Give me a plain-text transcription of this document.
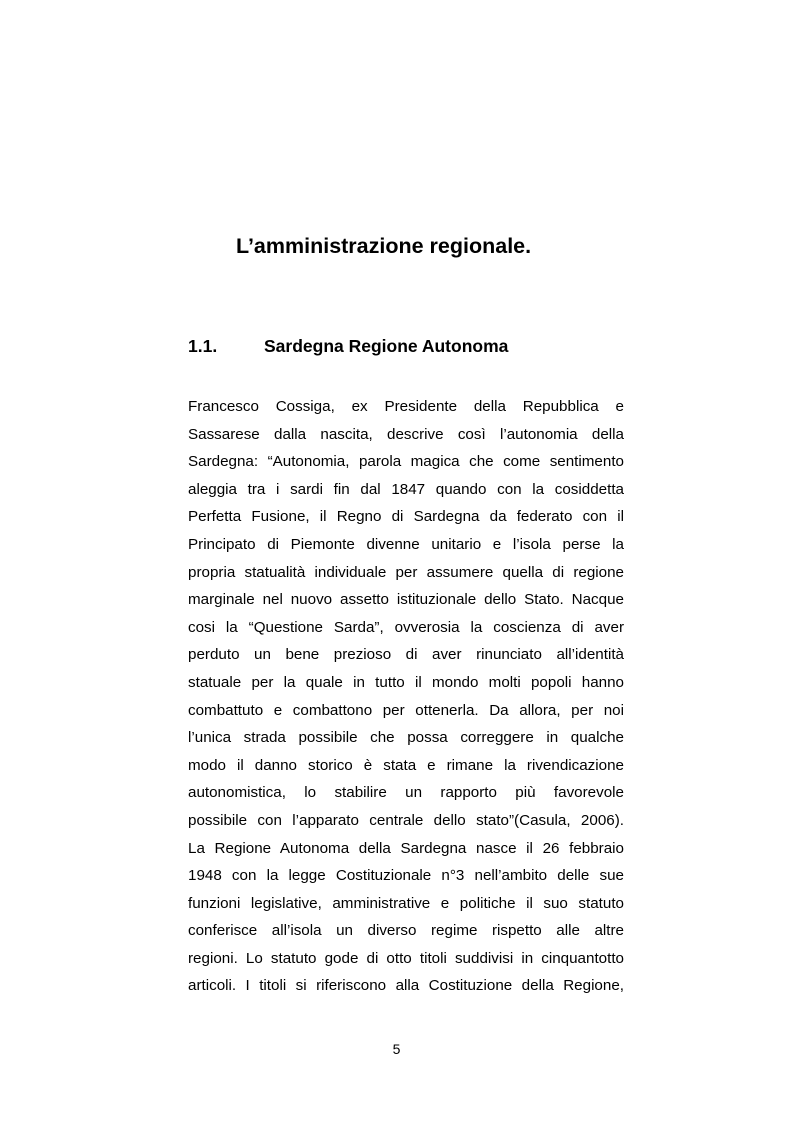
L’amministrazione regionale.
1.1.	Sardegna Regione Autonoma
Francesco Cossiga, ex Presidente della Repubblica e
Sassarese dalla nascita, descrive così l’autonomia della
Sardegna: “Autonomia, parola magica che come sentimento
aleggia tra i sardi fin dal 1847 quando con la cosiddetta
Perfetta Fusione, il Regno di Sardegna da federato con il
Principato di Piemonte divenne unitario e l’isola perse la
propria statualità individuale per assumere quella di regione
marginale nel nuovo assetto istituzionale dello Stato. Nacque
cosi la “Questione Sarda”, ovverosia la coscienza di aver
perduto un bene prezioso di aver rinunciato all’identità
statuale per la quale in tutto il mondo molti popoli hanno
combattuto e combattono per ottenerla. Da allora, per noi
l’unica strada possibile che possa correggere in qualche
modo il danno storico è stata e rimane la rivendicazione
autonomistica, lo stabilire un rapporto più favorevole
possibile con l’apparato centrale dello stato”(Casula, 2006).
La Regione Autonoma della Sardegna nasce il 26 febbraio
1948 con la legge Costituzionale n°3 nell’ambito delle sue
funzioni legislative, amministrative e politiche il suo statuto
conferisce all’isola un diverso regime rispetto alle altre
regioni. Lo statuto gode di otto titoli suddivisi in cinquantotto
articoli. I titoli si riferiscono alla Costituzione della Regione,
5
